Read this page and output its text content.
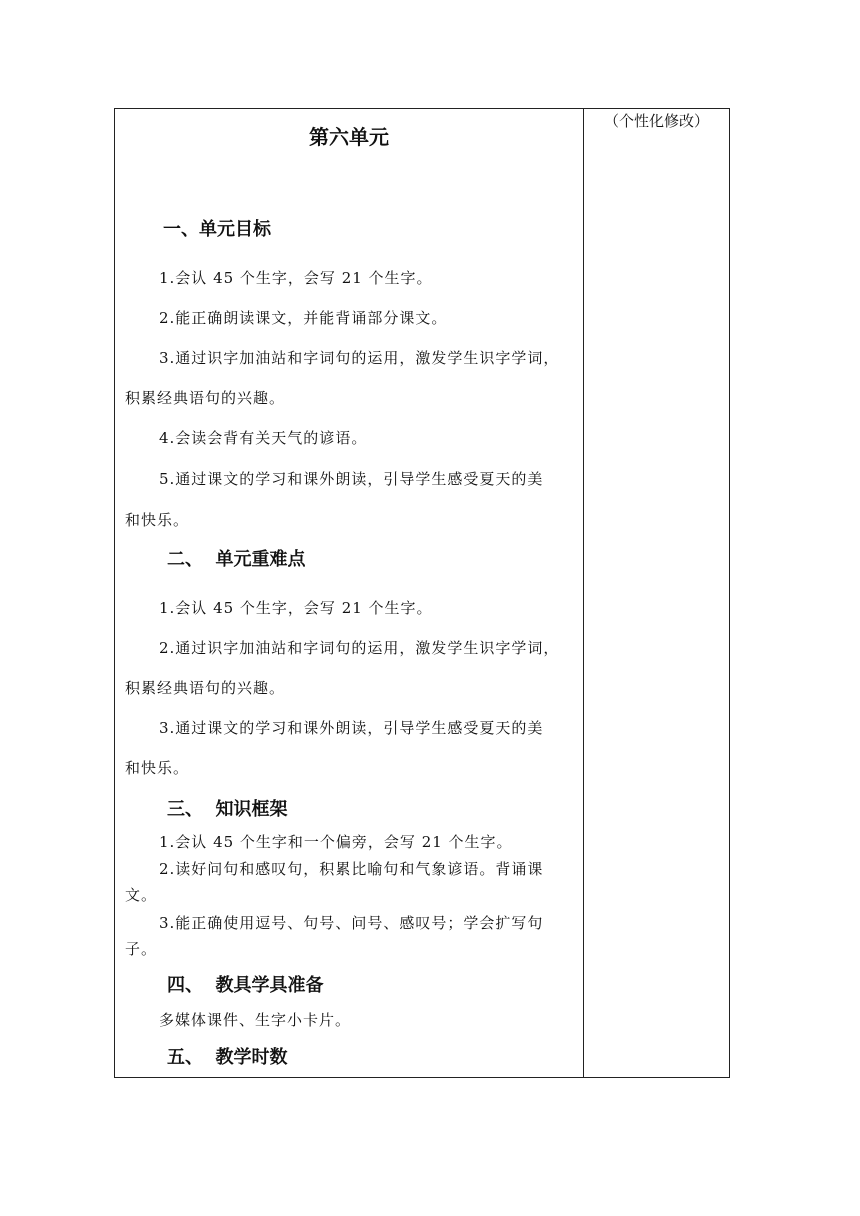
（个性化修改）
第六单元
一、单元目标
1.会认 45 个生字，会写 21 个生字。
2.能正确朗读课文，并能背诵部分课文。
3.通过识字加油站和字词句的运用，激发学生识字学词，
积累经典语句的兴趣。
4.会读会背有关天气的谚语。
5.通过课文的学习和课外朗读，引导学生感受夏天的美
和快乐。
二、  单元重难点
1.会认 45 个生字，会写 21 个生字。
2.通过识字加油站和字词句的运用，激发学生识字学词，
积累经典语句的兴趣。
3.通过课文的学习和课外朗读，引导学生感受夏天的美
和快乐。
三、  知识框架
1.会认 45 个生字和一个偏旁，会写 21 个生字。
2.读好问句和感叹句，积累比喻句和气象谚语。背诵课
文。
3.能正确使用逗号、句号、问号、感叹号；学会扩写句
子。
四、  教具学具准备
多媒体课件、生字小卡片。
五、  教学时数
